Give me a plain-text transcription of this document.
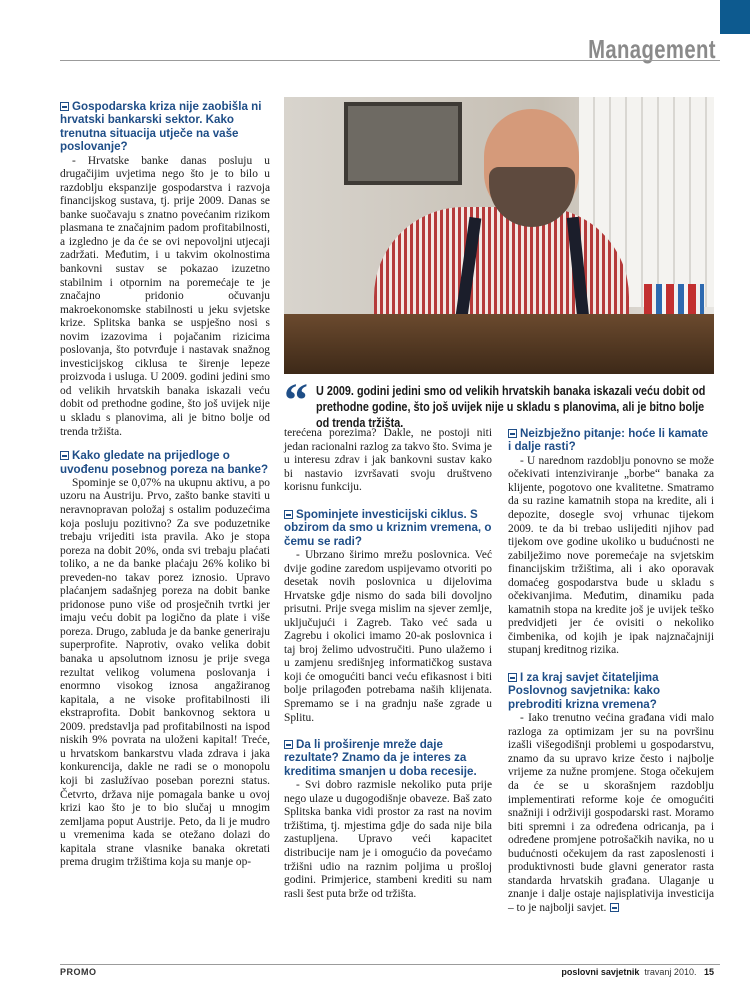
Management
Gospodarska kriza nije zaobišla ni hrvatski bankarski sektor. Kako trenutna situacija utječe na vaše poslovanje?

- Hrvatske banke danas posluju u drugačijim uvjetima nego što je to bilo u razdoblju ekspanzije gospodarstva i razvoja financijskog sustava, tj. prije 2009. Danas se banke suočavaju s znatno povećanim rizikom plasmana te značajnim padom profitabilnosti, a izgledno je da će se ovi nepovoljni utjecaji zadržati. Međutim, i u takvim okolnostima bankovni sustav se pokazao izuzetno stabilnim i otpornim na poremećaje te je značajno pridonio očuvanju makroekonomske stabilnosti u jeku svjetske krize. Splitska banka se uspješno nosi s novim izazovima i pojačanim rizicima poslovanja, što potvrđuje i nastavak snažnog investicijskog ciklusa te širenje lepeze proizvoda i usluga. U 2009. godini jedini smo od velikih hrvatskih banaka iskazali veću dobit od prethodne godine, što još uvijek nije u skladu s planovima, ali je bitno bolje od trenda tržišta.

Kako gledate na prijedloge o uvođenu posebnog poreza na banke?

Spominje se 0,07% na ukupnu aktivu, a po uzoru na Austriju. Prvo, zašto banke staviti u neravnopravan položaj s ostalim poduzećima koja posluju pozitivno? Za sve poduzetnike trebaju vrijediti ista pravila. Ako je stopa poreza na dobit 20%, onda svi trebaju plaćati toliko, a ne da banke plaćaju 26% koliko bi preveden-no takav porez iznosio. Upravo plaćanjem sadašnjeg poreza na dobit banke pridonose puno više od prosječnih tvrtki jer imaju veću dobit pa logično da plate i više poreza. Drugo, zabluda je da banke generiraju superprofite. Naprotiv, ovako velika dobit banaka u apsolutnom iznosu je prije svega rezultat velikog volumena poslovanja i enormno visokog iznosa angažiranog kapitala, a ne visoke profitabilnosti ili ekstraprofita. Dobit bankovnog sektora u 2009. predstavlja pad profitabilnosti na ispod niskih 9% povrata na uloženi kapital! Treće, u hrvatskom bankarstvu vlada zdrava i jaka konkurencija, dakle ne radi se o monopolu koji bi zaslužívao poseban porezni status. Četvrto, država nije pomagala banke u ovoj krizi kao što je to bio slučaj u mnogim zemljama poput Austrije. Peto, da li je mudro u vremenima kada se otežano dolazi do kapitala strane vlasnike banaka okretati prema drugim tržištima koja su manje op-

“ U 2009. godini jedini smo od velikih hrvatskih banaka iskazali veću dobit od prethodne godine, što još uvijek nije u skladu s planovima, ali je bitno bolje od trenda tržišta.

terećena porezima? Dakle, ne postoji niti jedan racionalni razlog za takvo što. Svima je u interesu zdrav i jak bankovni sustav kako bi nastavio izvršavati svoju društveno korisnu funkciju.

Spominjete investicijski ciklus. S obzirom da smo u kriznim vremena, o čemu se radi?

- Ubrzano širimo mrežu poslovnica. Već dvije godine zaredom uspijevamo otvoriti po desetak novih poslovnica u dijelovima Hrvatske gdje nismo do sada bili dovoljno prisutni. Prije svega mislim na sjever zemlje, uključujući i Zagreb. Tako već sada u Zagrebu i okolici imamo 20-ak poslovnica i taj broj želimo udvostručiti. Puno ulažemo i u zamjenu središnjeg informatičkog sustava koji će omogućiti banci veću efikasnost i biti bolje prilagođen potrebama naših klijenata. Spremamo se i na gradnju naše zgrade u Splitu.

Da li proširenje mreže daje rezultate? Znamo da je interes za kreditima smanjen u doba recesije.

- Svi dobro razmisle nekoliko puta prije nego ulaze u dugogodišnje obaveze. Baš zato Splitska banka vidi prostor za rast na novim tržištima, tj. mjestima gdje do sada nije bila zastupljena. Upravo veći kapacitet distribucije nam je i omogućio da povećamo tržišni udio na raznim poljima u prošloj godini. Primjerice, stambeni krediti su nam rasli šest puta brže od tržišta.

Neizbježno pitanje: hoće li kamate i dalje rasti?

- U narednom razdoblju ponovno se može očekivati intenziviranje „borbe“ banaka za klijente, pogotovo one kvalitetne. Smatramo da su razine kamatnih stopa na kredite, ali i depozite, dosegle svoj vrhunac tijekom 2009. te da bi trebao uslijediti njihov pad tijekom ove godine ukoliko u budućnosti ne zabilježimo nove poremećaje na svjetskim financijskim tržištima, ali i ako oporavak domaćeg gospodarstva bude u skladu s očekivanjima. Međutim, dinamiku pada kamatnih stopa na kredite još je uvijek teško predvidjeti jer će ovisiti o nekoliko čimbenika, od kojih je ipak najznačajniji stupanj kreditnog rizika.

I za kraj savjet čitateljima Poslovnog savjetnika: kako prebroditi krizna vremena?

- Iako trenutno većina građana vidi malo razloga za optimizam jer su na površinu izašli višegodišnji problemi u gospodarstvu, znamo da su upravo krize često i najbolje vrijeme za nužne promjene. Stoga očekujem da će se u skorašnjem razdoblju implementirati reforme koje će omogućiti snažniji i održiviji gospodarski rast. Moramo biti spremni i za određena odricanja, pa i određene promjene potrošačkih navika, no u budućnosti očekujem da rast zaposlenosti i produktivnosti bude glavni generator rasta standarda hrvatskih građana. Ulaganje u znanje i dalje ostaje najisplativija investicija – to je najbolji savjet.

PROMO	poslovni savjetnik travanj 2010. 15
